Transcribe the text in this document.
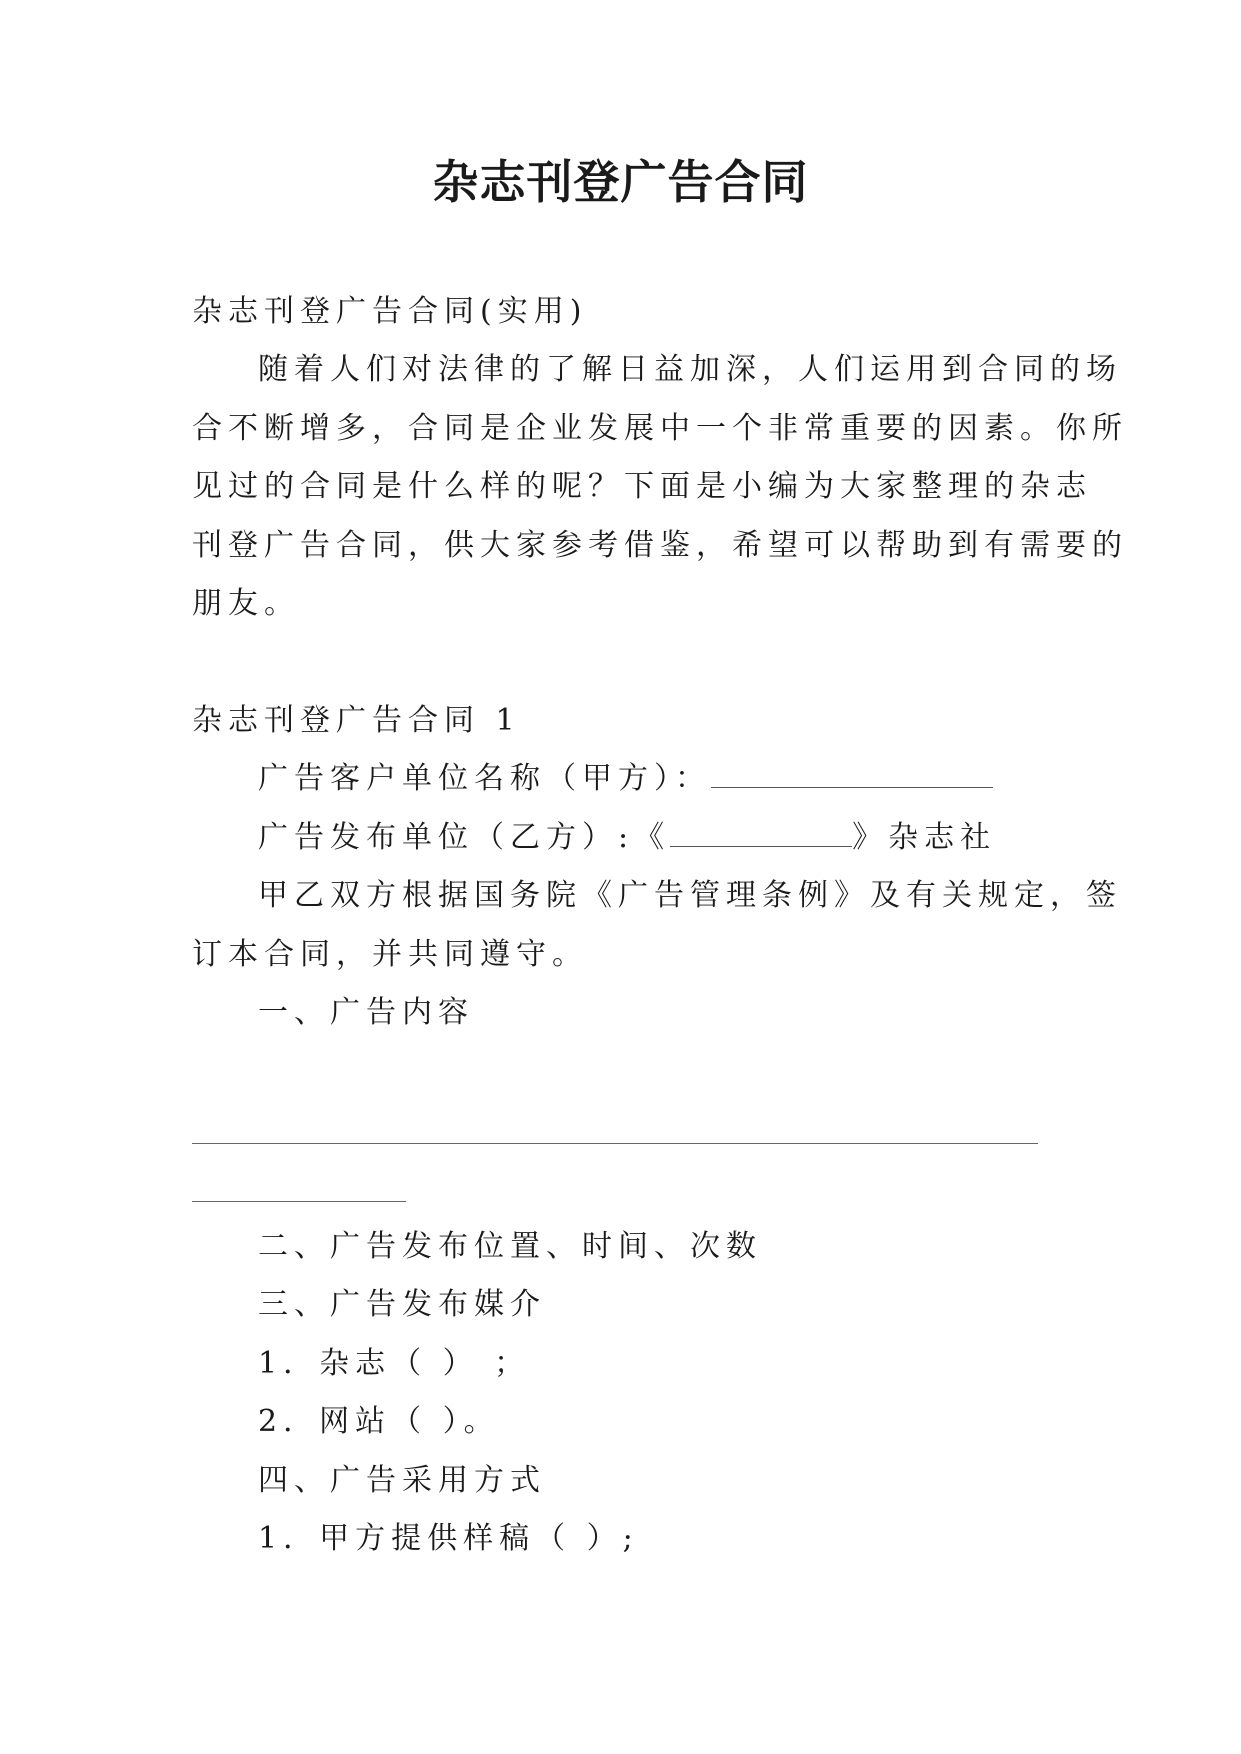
杂志刊登广告合同
杂志刊登广告合同(实用)
随着人们对法律的了解日益加深，人们运用到合同的场
合不断增多，合同是企业发展中一个非常重要的因素。你所
见过的合同是什么样的呢？下面是小编为大家整理的杂志
刊登广告合同，供大家参考借鉴，希望可以帮助到有需要的
朋友。
杂志刊登广告合同 1
广告客户单位名称（甲方）：
广告发布单位（乙方）:《	》杂志社
甲乙双方根据国务院《广告管理条例》及有关规定，签
订本合同，并共同遵守。
一、广告内容
二、广告发布位置、时间、次数
三、广告发布媒介
1．杂志（ ） ；
2．网站（ ）。
四、广告采用方式
1．甲方提供样稿（ ）;
